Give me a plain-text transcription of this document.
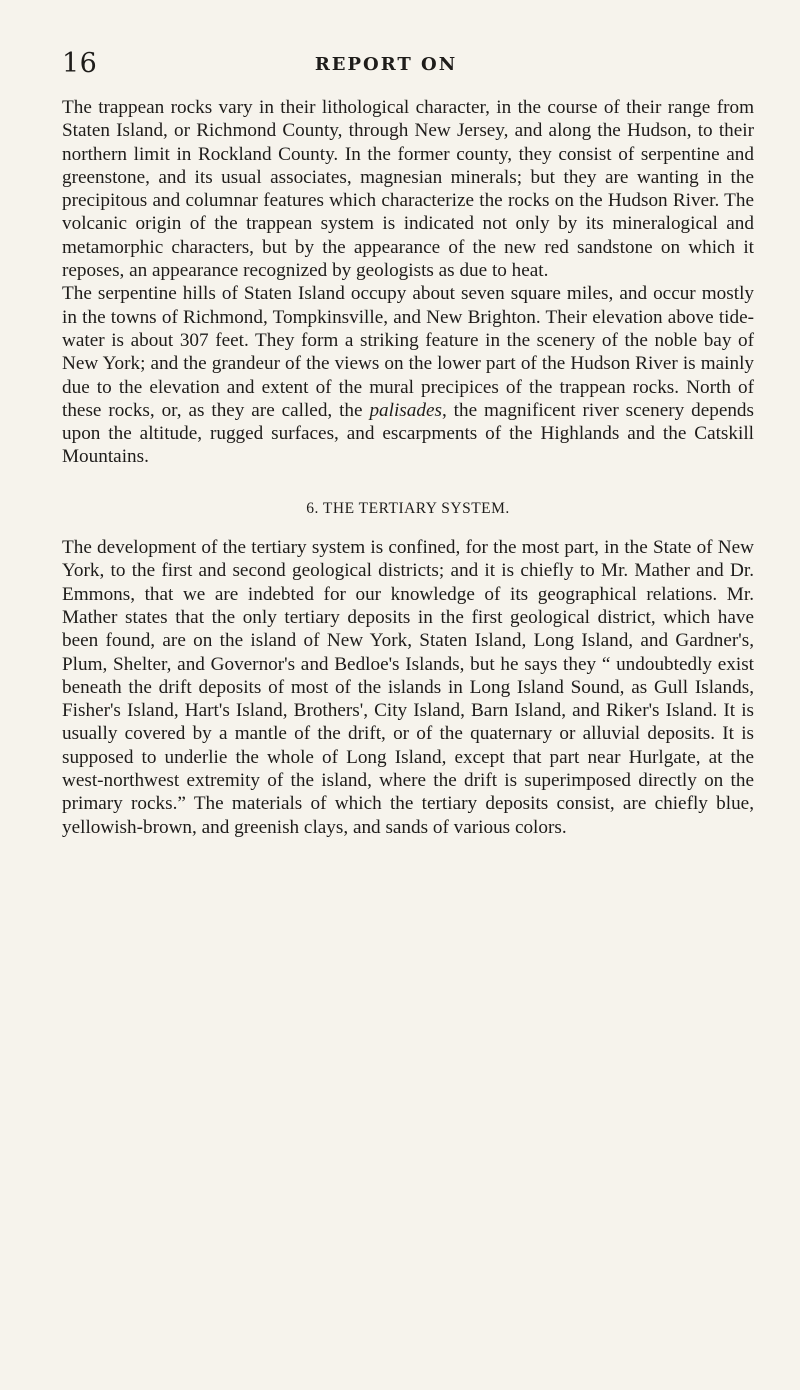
16	REPORT ON

The trappean rocks vary in their lithological character, in the course of their range from Staten Island, or Richmond County, through New Jersey, and along the Hudson, to their northern limit in Rockland County. In the former county, they consist of serpentine and greenstone, and its usual associates, magnesian minerals; but they are wanting in the precipitous and columnar features which characterize the rocks on the Hudson River. The volcanic origin of the trappean system is indicated not only by its mineralogical and metamorphic characters, but by the appearance of the new red sandstone on which it reposes, an appearance recognized by geologists as due to heat.

The serpentine hills of Staten Island occupy about seven square miles, and occur mostly in the towns of Richmond, Tompkinsville, and New Brighton. Their elevation above tide-water is about 307 feet. They form a striking feature in the scenery of the noble bay of New York; and the grandeur of the views on the lower part of the Hudson River is mainly due to the elevation and extent of the mural precipices of the trappean rocks. North of these rocks, or, as they are called, the palisades, the magnificent river scenery depends upon the altitude, rugged surfaces, and escarpments of the Highlands and the Catskill Mountains.

6. THE TERTIARY SYSTEM.

The development of the tertiary system is confined, for the most part, in the State of New York, to the first and second geological districts; and it is chiefly to Mr. Mather and Dr. Emmons, that we are indebted for our knowledge of its geographical relations. Mr. Mather states that the only tertiary deposits in the first geological district, which have been found, are on the island of New York, Staten Island, Long Island, and Gardner's, Plum, Shelter, and Governor's and Bedloe's Islands, but he says they “ undoubtedly exist beneath the drift deposits of most of the islands in Long Island Sound, as Gull Islands, Fisher's Island, Hart's Island, Brothers', City Island, Barn Island, and Riker's Island. It is usually covered by a mantle of the drift, or of the quaternary or alluvial deposits. It is supposed to underlie the whole of Long Island, except that part near Hurlgate, at the west-northwest extremity of the island, where the drift is superimposed directly on the primary rocks.” The materials of which the tertiary deposits consist, are chiefly blue, yellowish-brown, and greenish clays, and sands of various colors.
